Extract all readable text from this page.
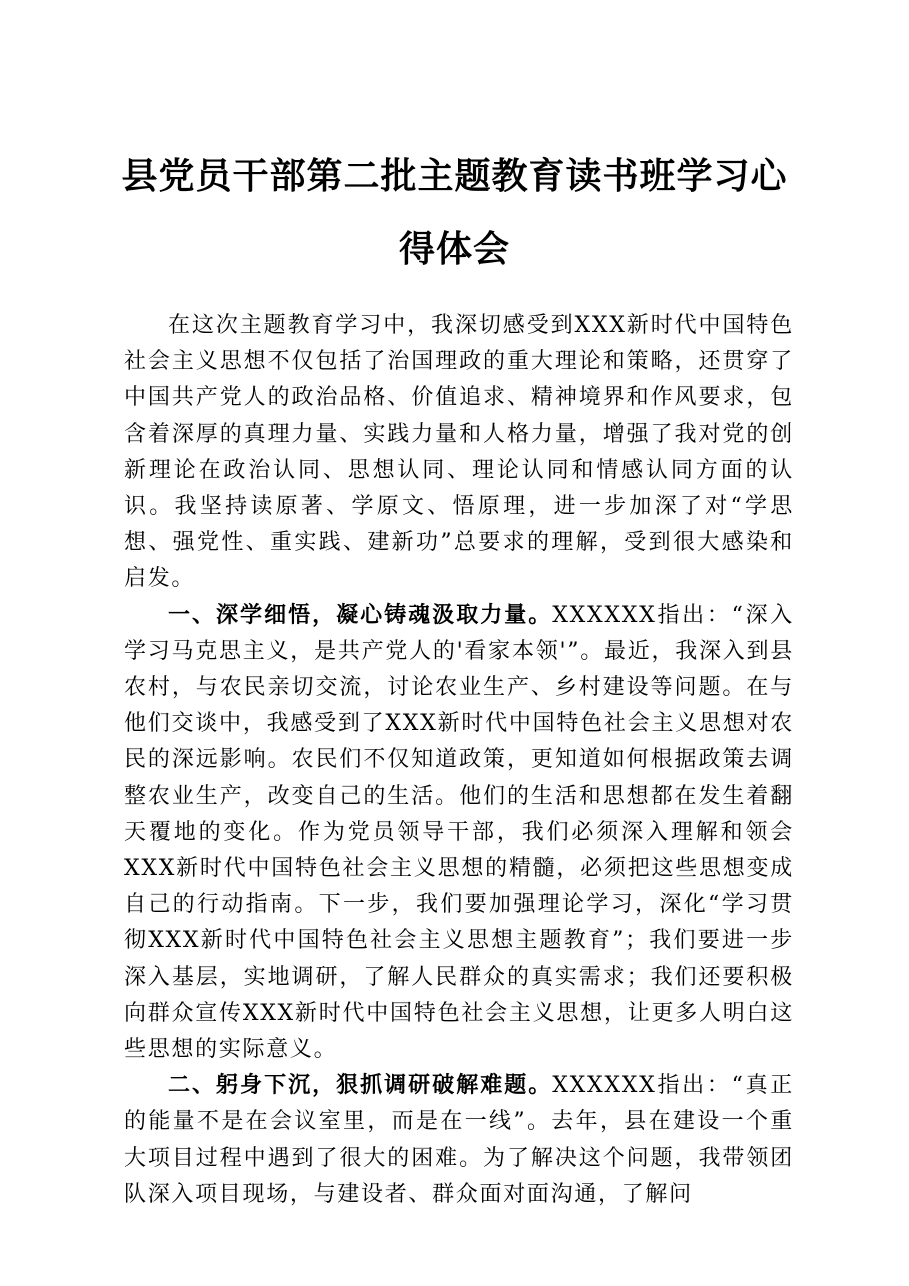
县党员干部第二批主题教育读书班学习心得体会

在这次主题教育学习中，我深切感受到XXX新时代中国特色社会主义思想不仅包括了治国理政的重大理论和策略，还贯穿了中国共产党人的政治品格、价值追求、精神境界和作风要求，包含着深厚的真理力量、实践力量和人格力量，增强了我对党的创新理论在政治认同、思想认同、理论认同和情感认同方面的认识。我坚持读原著、学原文、悟原理，进一步加深了对“学思想、强党性、重实践、建新功”总要求的理解，受到很大感染和启发。

一、深学细悟，凝心铸魂汲取力量。XXXXXX指出：“深入学习马克思主义，是共产党人的'看家本领'”。最近，我深入到县农村，与农民亲切交流，讨论农业生产、乡村建设等问题。在与他们交谈中，我感受到了XXX新时代中国特色社会主义思想对农民的深远影响。农民们不仅知道政策，更知道如何根据政策去调整农业生产，改变自己的生活。他们的生活和思想都在发生着翻天覆地的变化。作为党员领导干部，我们必须深入理解和领会XXX新时代中国特色社会主义思想的精髓，必须把这些思想变成自己的行动指南。下一步，我们要加强理论学习，深化“学习贯彻XXX新时代中国特色社会主义思想主题教育”；我们要进一步深入基层，实地调研，了解人民群众的真实需求；我们还要积极向群众宣传XXX新时代中国特色社会主义思想，让更多人明白这些思想的实际意义。

二、躬身下沉，狠抓调研破解难题。XXXXXX指出：“真正的能量不是在会议室里，而是在一线”。去年，县在建设一个重大项目过程中遇到了很大的困难。为了解决这个问题，我带领团队深入项目现场，与建设者、群众面对面沟通，了解问
